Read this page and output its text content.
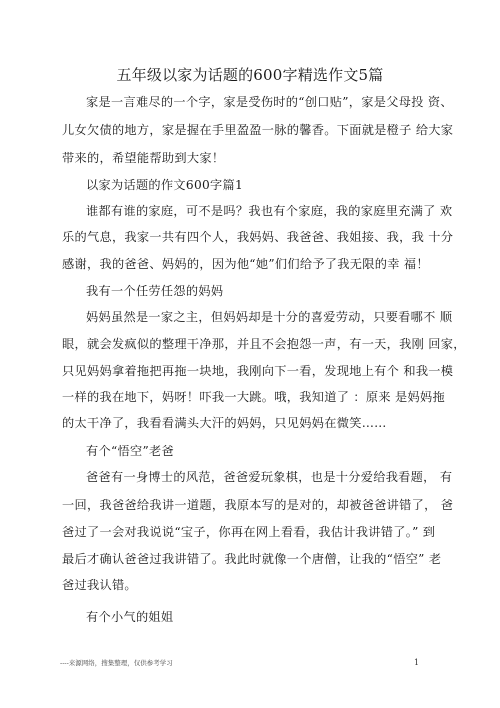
五年级以家为话题的600字精选作文5篇
家是一言难尽的一个字，家是受伤时的“创口贴”，家是父母投 资、
儿女欠债的地方，家是握在手里盈盈一脉的馨香。下面就是橙子 给大家
带来的，希望能帮助到大家！
以家为话题的作文600字篇1
谁都有谁的家庭，可不是吗？我也有个家庭，我的家庭里充满了 欢
乐的气息，我家一共有四个人，我妈妈、我爸爸、我姐接、我，我 十分
感谢，我的爸爸、妈妈的，因为他“她”们们给予了我无限的幸 福！
我有一个任劳任怨的妈妈
妈妈虽然是一家之主，但妈妈却是十分的喜爱劳动，只要看哪不 顺
眼，就会发疯似的整理干净那，并且不会抱怨一声，有一天，我刚 回家，
只见妈妈拿着拖把再拖一块地，我刚向下一看，发现地上有个 和我一模
一样的我在地下，妈呀！吓我一大跳。哦，我知道了 ：原来 是妈妈拖
的太干净了，我看看满头大汗的妈妈，只见妈妈在微笑……
有个“悟空”老爸
爸爸有一身博士的风范，爸爸爱玩象棋，也是十分爱给我看题， 有
一回，我爸爸给我讲一道题，我原本写的是对的，却被爸爸讲错了， 爸
爸过了一会对我说说“宝子，你再在网上看看，我估计我讲错了。” 到
最后才确认爸爸过我讲错了。我此时就像一个唐僧，让我的“悟空” 老
爸过我认错。
有个小气的姐姐
----来源网络，搜集整理，仅供参考学习	1
